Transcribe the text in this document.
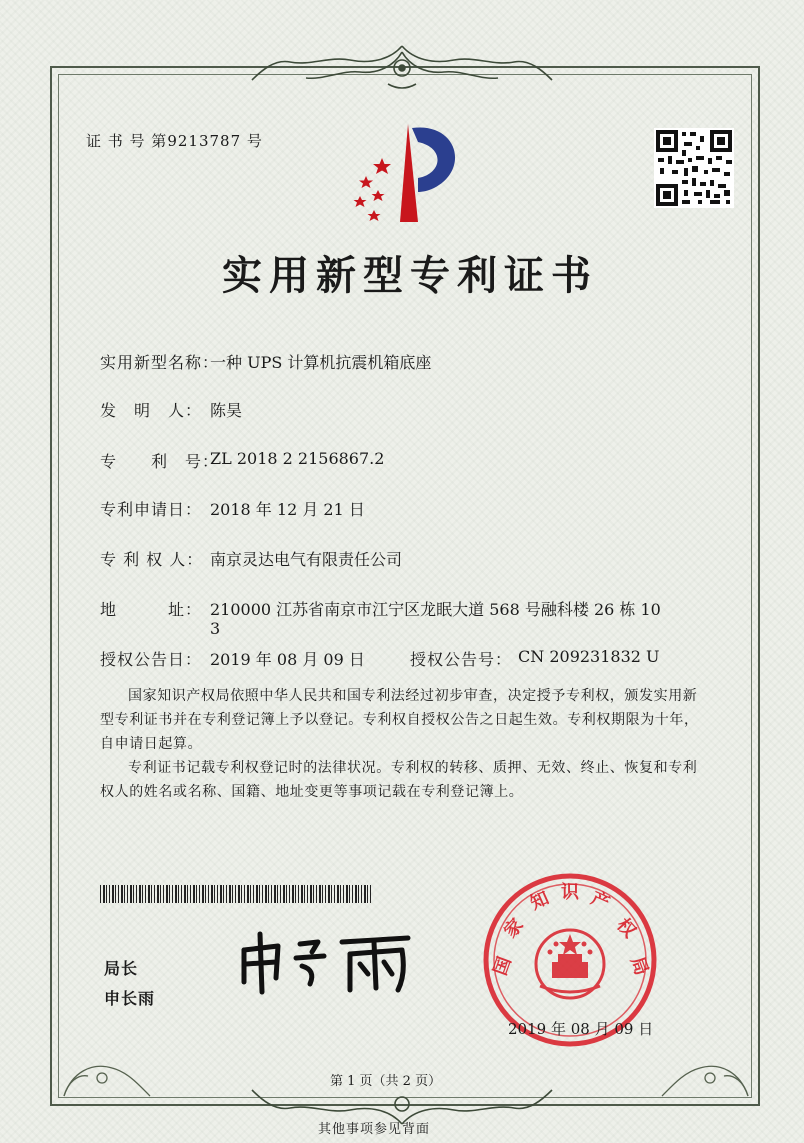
证 书 号 第9213787 号
实用新型专利证书
实用新型名称：
一种 UPS 计算机抗震机箱底座
发　明　人： 陈昊
专　　利　号：
ZL 2018 2 2156867.2
专利申请日： 2018 年 12 月 21 日
专 利 权 人： 南京灵达电气有限责任公司
地　　　址： 210000 江苏省南京市江宁区龙眠大道 568 号融科楼 26 栋 10
3
授权公告日： 2019 年 08 月 09 日	授权公告号： CN 209231832 U
国家知识产权局依照中华人民共和国专利法经过初步审查，决定授予专利权，颁发实用新型专利证书并在专利登记簿上予以登记。专利权自授权公告之日起生效。专利权期限为十年，自申请日起算。
专利证书记载专利权登记时的法律状况。专利权的转移、质押、无效、终止、恢复和专利权人的姓名或名称、国籍、地址变更等事项记载在专利登记簿上。
局长
申长雨
国
家
知 识 产
权
局
2019 年 08 月 09 日
第 1 页（共 2 页）
其他事项参见背面
